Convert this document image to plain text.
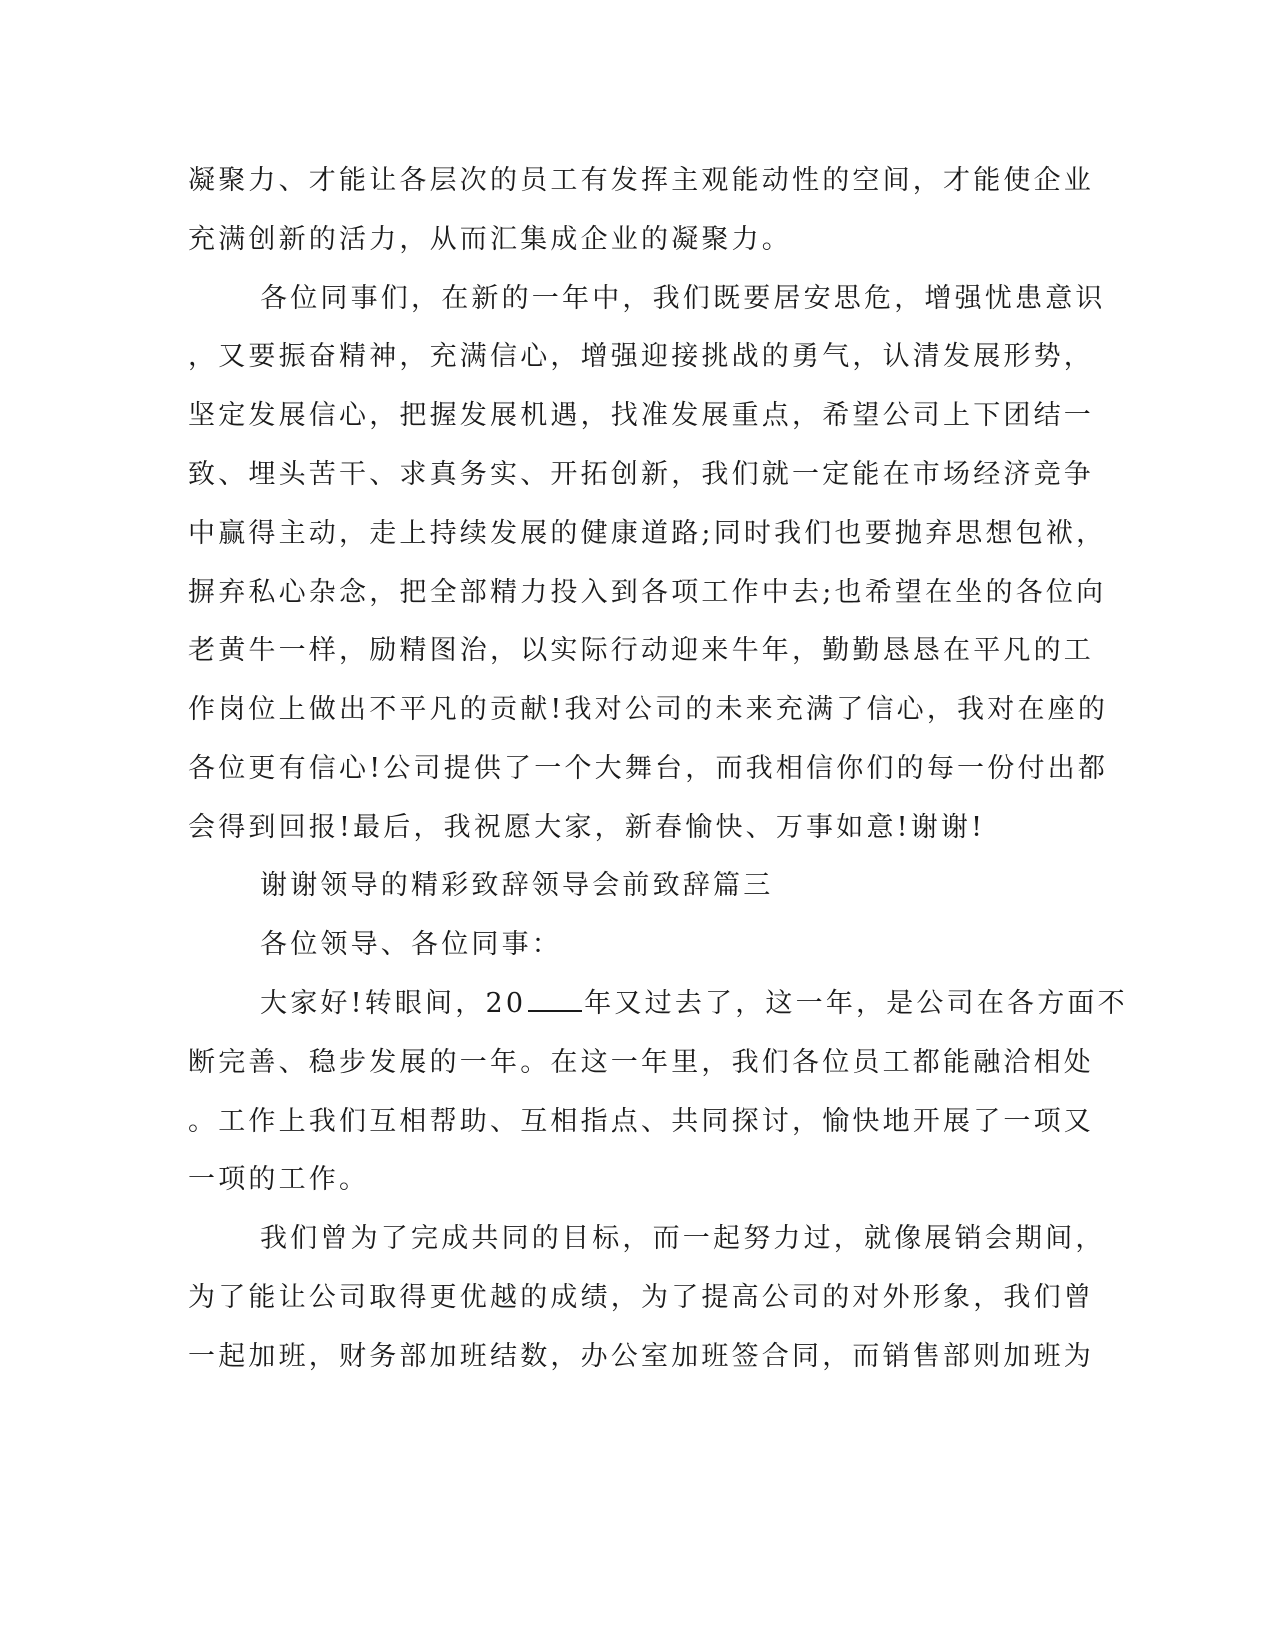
凝聚力、才能让各层次的员工有发挥主观能动性的空间，才能使企业
充满创新的活力，从而汇集成企业的凝聚力。
各位同事们，在新的一年中，我们既要居安思危，增强忧患意识
，又要振奋精神，充满信心，增强迎接挑战的勇气，认清发展形势，
坚定发展信心，把握发展机遇，找准发展重点，希望公司上下团结一
致、埋头苦干、求真务实、开拓创新，我们就一定能在市场经济竞争
中赢得主动，走上持续发展的健康道路;同时我们也要抛弃思想包袱，
摒弃私心杂念，把全部精力投入到各项工作中去;也希望在坐的各位向
老黄牛一样，励精图治，以实际行动迎来牛年，勤勤恳恳在平凡的工
作岗位上做出不平凡的贡献!我对公司的未来充满了信心，我对在座的
各位更有信心!公司提供了一个大舞台，而我相信你们的每一份付出都
会得到回报!最后，我祝愿大家，新春愉快、万事如意!谢谢!
谢谢领导的精彩致辞领导会前致辞篇三
各位领导、各位同事：
大家好!转眼间，20 年又过去了，这一年，是公司在各方面不
断完善、稳步发展的一年。在这一年里，我们各位员工都能融洽相处
。工作上我们互相帮助、互相指点、共同探讨，愉快地开展了一项又
一项的工作。
我们曾为了完成共同的目标，而一起努力过，就像展销会期间，
为了能让公司取得更优越的成绩，为了提高公司的对外形象，我们曾
一起加班，财务部加班结数，办公室加班签合同，而销售部则加班为
